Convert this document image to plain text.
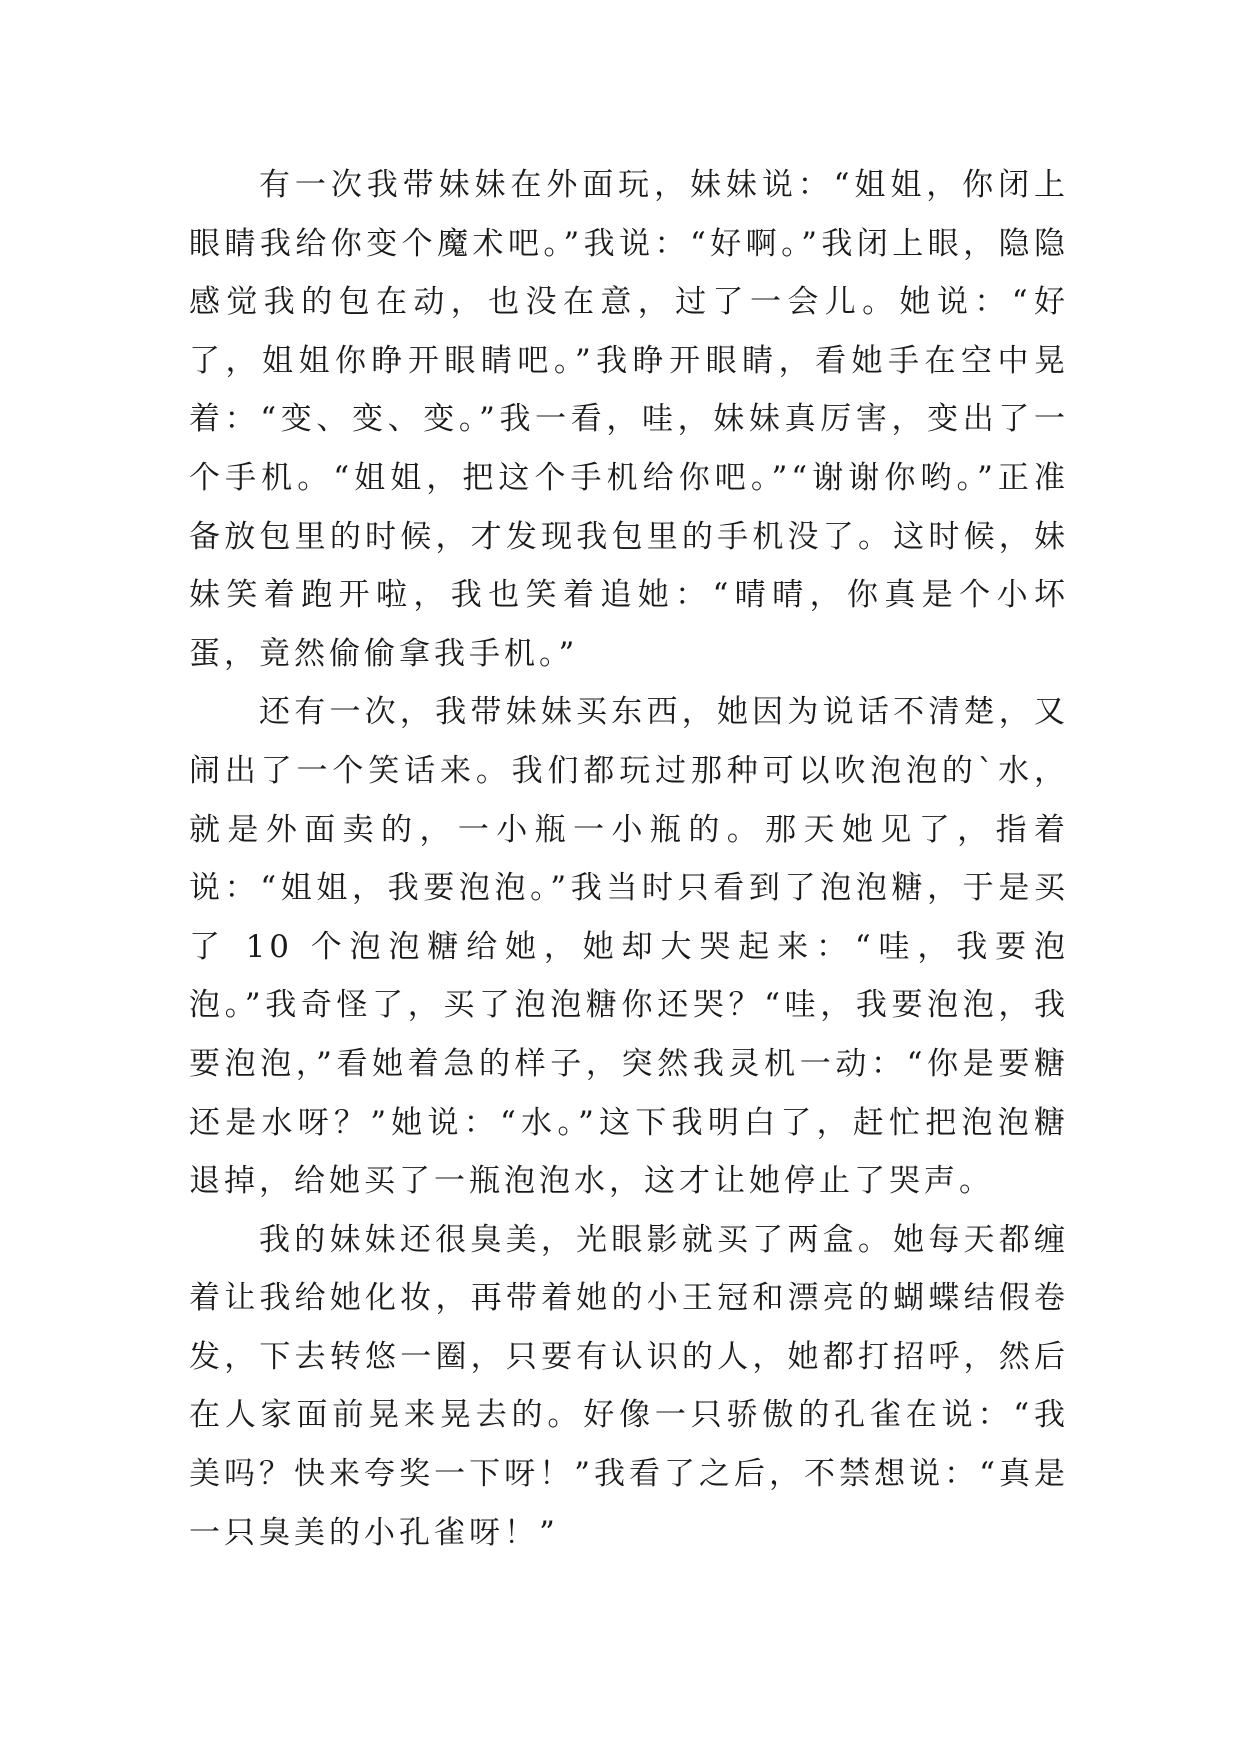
有一次我带妹妹在外面玩，妹妹说：“姐姐，你闭上眼睛我给你变个魔术吧。”我说：“好啊。”我闭上眼，隐隐感觉我的包在动，也没在意，过了一会儿。她说：“好了，姐姐你睁开眼睛吧。”我睁开眼睛，看她手在空中晃着：“变、变、变。”我一看，哇，妹妹真厉害，变出了一个手机。“姐姐，把这个手机给你吧。”“谢谢你哟。”正准备放包里的时候，才发现我包里的手机没了。这时候，妹妹笑着跑开啦，我也笑着追她：“晴晴，你真是个小坏蛋，竟然偷偷拿我手机。”

还有一次，我带妹妹买东西，她因为说话不清楚，又闹出了一个笑话来。我们都玩过那种可以吹泡泡的`水，就是外面卖的，一小瓶一小瓶的。那天她见了，指着说：“姐姐，我要泡泡。”我当时只看到了泡泡糖，于是买了 10 个泡泡糖给她，她却大哭起来：“哇，我要泡泡。”我奇怪了，买了泡泡糖你还哭？“哇，我要泡泡，我要泡泡，”看她着急的样子，突然我灵机一动：“你是要糖还是水呀？”她说：“水。”这下我明白了，赶忙把泡泡糖退掉，给她买了一瓶泡泡水，这才让她停止了哭声。

我的妹妹还很臭美，光眼影就买了两盒。她每天都缠着让我给她化妆，再带着她的小王冠和漂亮的蝴蝶结假卷发，下去转悠一圈，只要有认识的人，她都打招呼，然后在人家面前晃来晃去的。好像一只骄傲的孔雀在说：“我美吗？快来夸奖一下呀！”我看了之后，不禁想说：“真是一只臭美的小孔雀呀！”
